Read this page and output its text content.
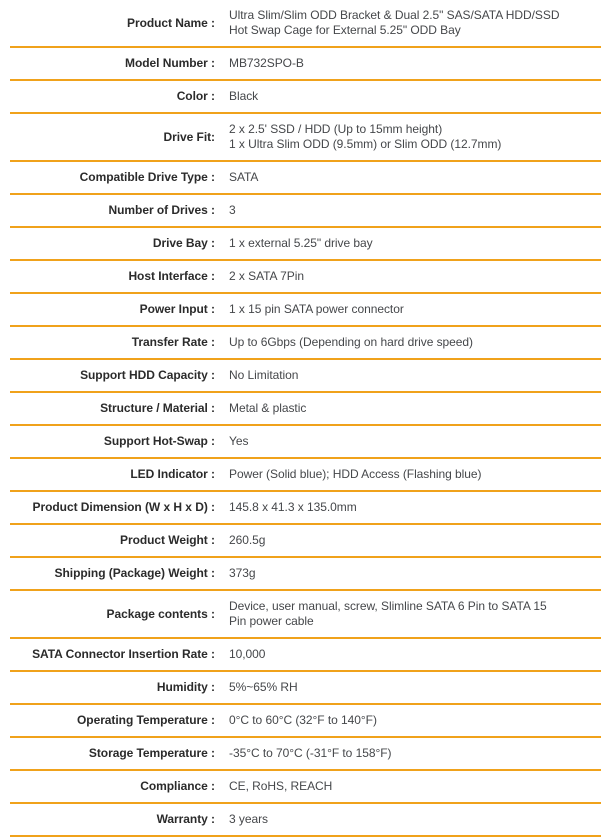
Product Name :	Ultra Slim/Slim ODD Bracket & Dual 2.5" SAS/SATA HDD/SSD
Hot Swap Cage for External 5.25" ODD Bay

Model Number :	MB732SPO-B

Color :	Black

Drive Fit:	2 x 2.5' SSD / HDD (Up to 15mm height)
1 x Ultra Slim ODD (9.5mm) or Slim ODD (12.7mm)

Compatible Drive Type :	SATA

Number of Drives :	3

Drive Bay :	1 x external 5.25" drive bay

Host Interface :	2 x SATA 7Pin

Power Input :	1 x 15 pin SATA power connector

Transfer Rate :	Up to 6Gbps (Depending on hard drive speed)

Support HDD Capacity :	No Limitation

Structure / Material :	Metal & plastic

Support Hot-Swap :	Yes

LED Indicator :	Power (Solid blue); HDD Access (Flashing blue)

Product Dimension (W x H x D) :	145.8 x 41.3 x 135.0mm

Product Weight :	260.5g

Shipping (Package) Weight :	373g

Package contents :	Device, user manual, screw, Slimline SATA 6 Pin to SATA 15
Pin power cable

SATA Connector Insertion Rate :	10,000

Humidity :	5%~65% RH

Operating Temperature :	0°C to 60°C (32°F to 140°F)

Storage Temperature :	-35°C to 70°C (-31°F to 158°F)

Compliance :	CE, RoHS, REACH

Warranty :	3 years
